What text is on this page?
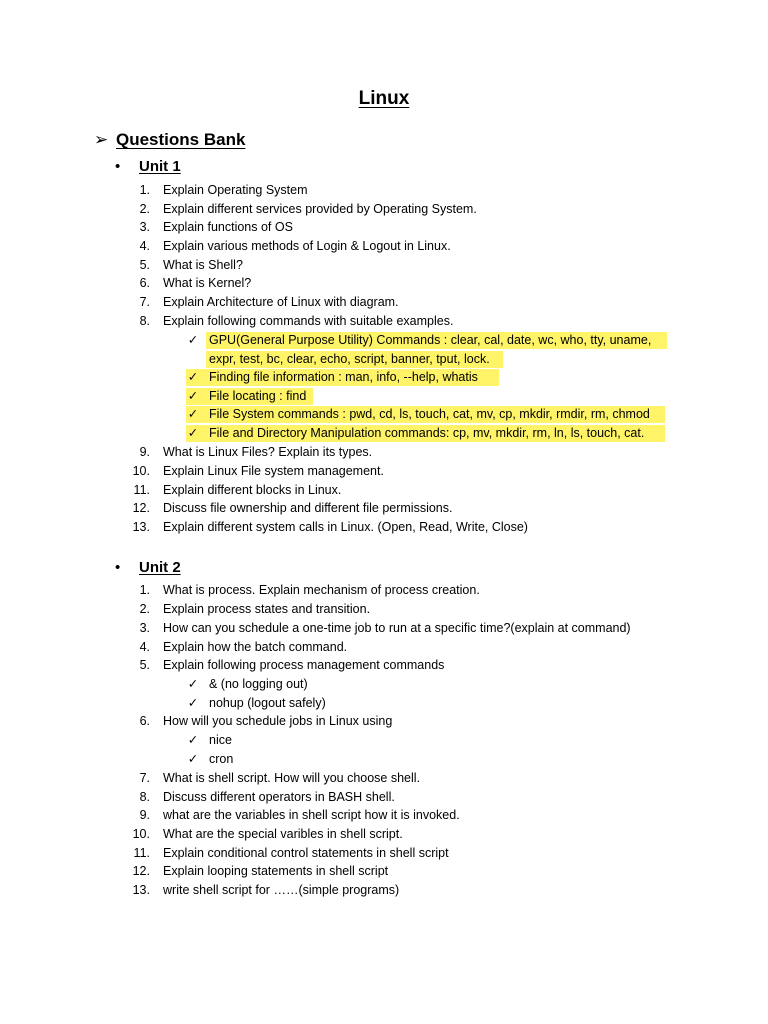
Linux
➢ Questions Bank
• Unit 1
1. Explain Operating System
2. Explain different services provided by Operating System.
3. Explain functions of OS
4. Explain various methods of Login & Logout in Linux.
5. What is Shell?
6. What is Kernel?
7. Explain Architecture of Linux with diagram.
8. Explain following commands with suitable examples.
✓ GPU(General Purpose Utility) Commands : clear, cal, date, wc, who, tty, uname,
expr, test, bc, clear, echo, script, banner, tput, lock.
✓ Finding file information : man, info, --help, whatis
✓ File locating : find
✓ File System commands : pwd, cd, ls, touch, cat, mv, cp, mkdir, rmdir, rm, chmod
✓ File and Directory Manipulation commands: cp, mv, mkdir, rm, ln, ls, touch, cat.
9. What is Linux Files? Explain its types.
10. Explain Linux File system management.
11. Explain different blocks in Linux.
12. Discuss file ownership and different file permissions.
13. Explain different system calls in Linux. (Open, Read, Write, Close)
• Unit 2
1. What is process. Explain mechanism of process creation.
2. Explain process states and transition.
3. How can you schedule a one-time job to run at a specific time?(explain at command)
4. Explain how the batch command.
5. Explain following process management commands
✓ & (no logging out)
✓ nohup (logout safely)
6. How will you schedule jobs in Linux using
✓ nice
✓ cron
7. What is shell script. How will you choose shell.
8. Discuss different operators in BASH shell.
9. what are the variables in shell script how it is invoked.
10. What are the special varibles in shell script.
11. Explain conditional control statements in shell script
12. Explain looping statements in shell script
13. write shell script for ……(simple programs)
